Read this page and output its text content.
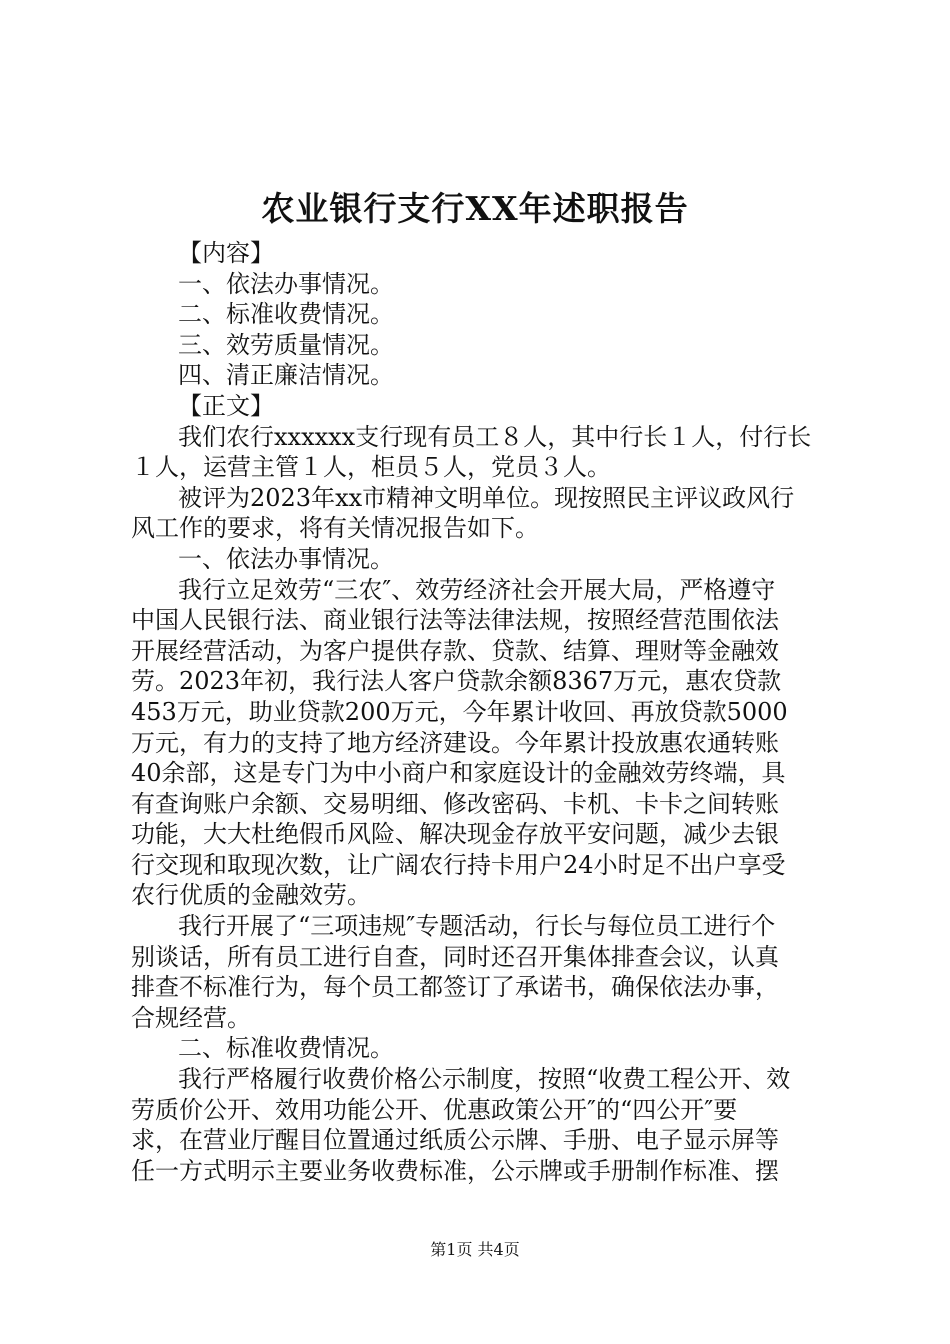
农业银行支行XX年述职报告
【内容】
一、依法办事情况。
二、标准收费情况。
三、效劳质量情况。
四、清正廉洁情况。
【正文】
我们农行xxxxxx支行现有员工８人，其中行长１人，付行长
１人，运营主管１人，柜员５人，党员３人。
被评为2023年xx市精神文明单位。现按照民主评议政风行
风工作的要求，将有关情况报告如下。
一、依法办事情况。
我行立足效劳“三农″、效劳经济社会开展大局，严格遵守
中国人民银行法、商业银行法等法律法规，按照经营范围依法
开展经营活动，为客户提供存款、贷款、结算、理财等金融效
劳。2023年初，我行法人客户贷款余额8367万元，惠农贷款
453万元，助业贷款200万元，今年累计收回、再放贷款5000
万元，有力的支持了地方经济建设。今年累计投放惠农通转账
40余部，这是专门为中小商户和家庭设计的金融效劳终端，具
有查询账户余额、交易明细、修改密码、卡机、卡卡之间转账
功能，大大杜绝假币风险、解决现金存放平安问题，减少去银
行交现和取现次数，让广阔农行持卡用户24小时足不出户享受
农行优质的金融效劳。
我行开展了“三项违规″专题活动，行长与每位员工进行个
别谈话，所有员工进行自查，同时还召开集体排查会议，认真
排查不标准行为，每个员工都签订了承诺书，确保依法办事，
合规经营。
二、标准收费情况。
我行严格履行收费价格公示制度，按照“收费工程公开、效
劳质价公开、效用功能公开、优惠政策公开″的“四公开″要
求，在营业厅醒目位置通过纸质公示牌、手册、电子显示屏等
任一方式明示主要业务收费标准，公示牌或手册制作标准、摆
第1页 共4页
